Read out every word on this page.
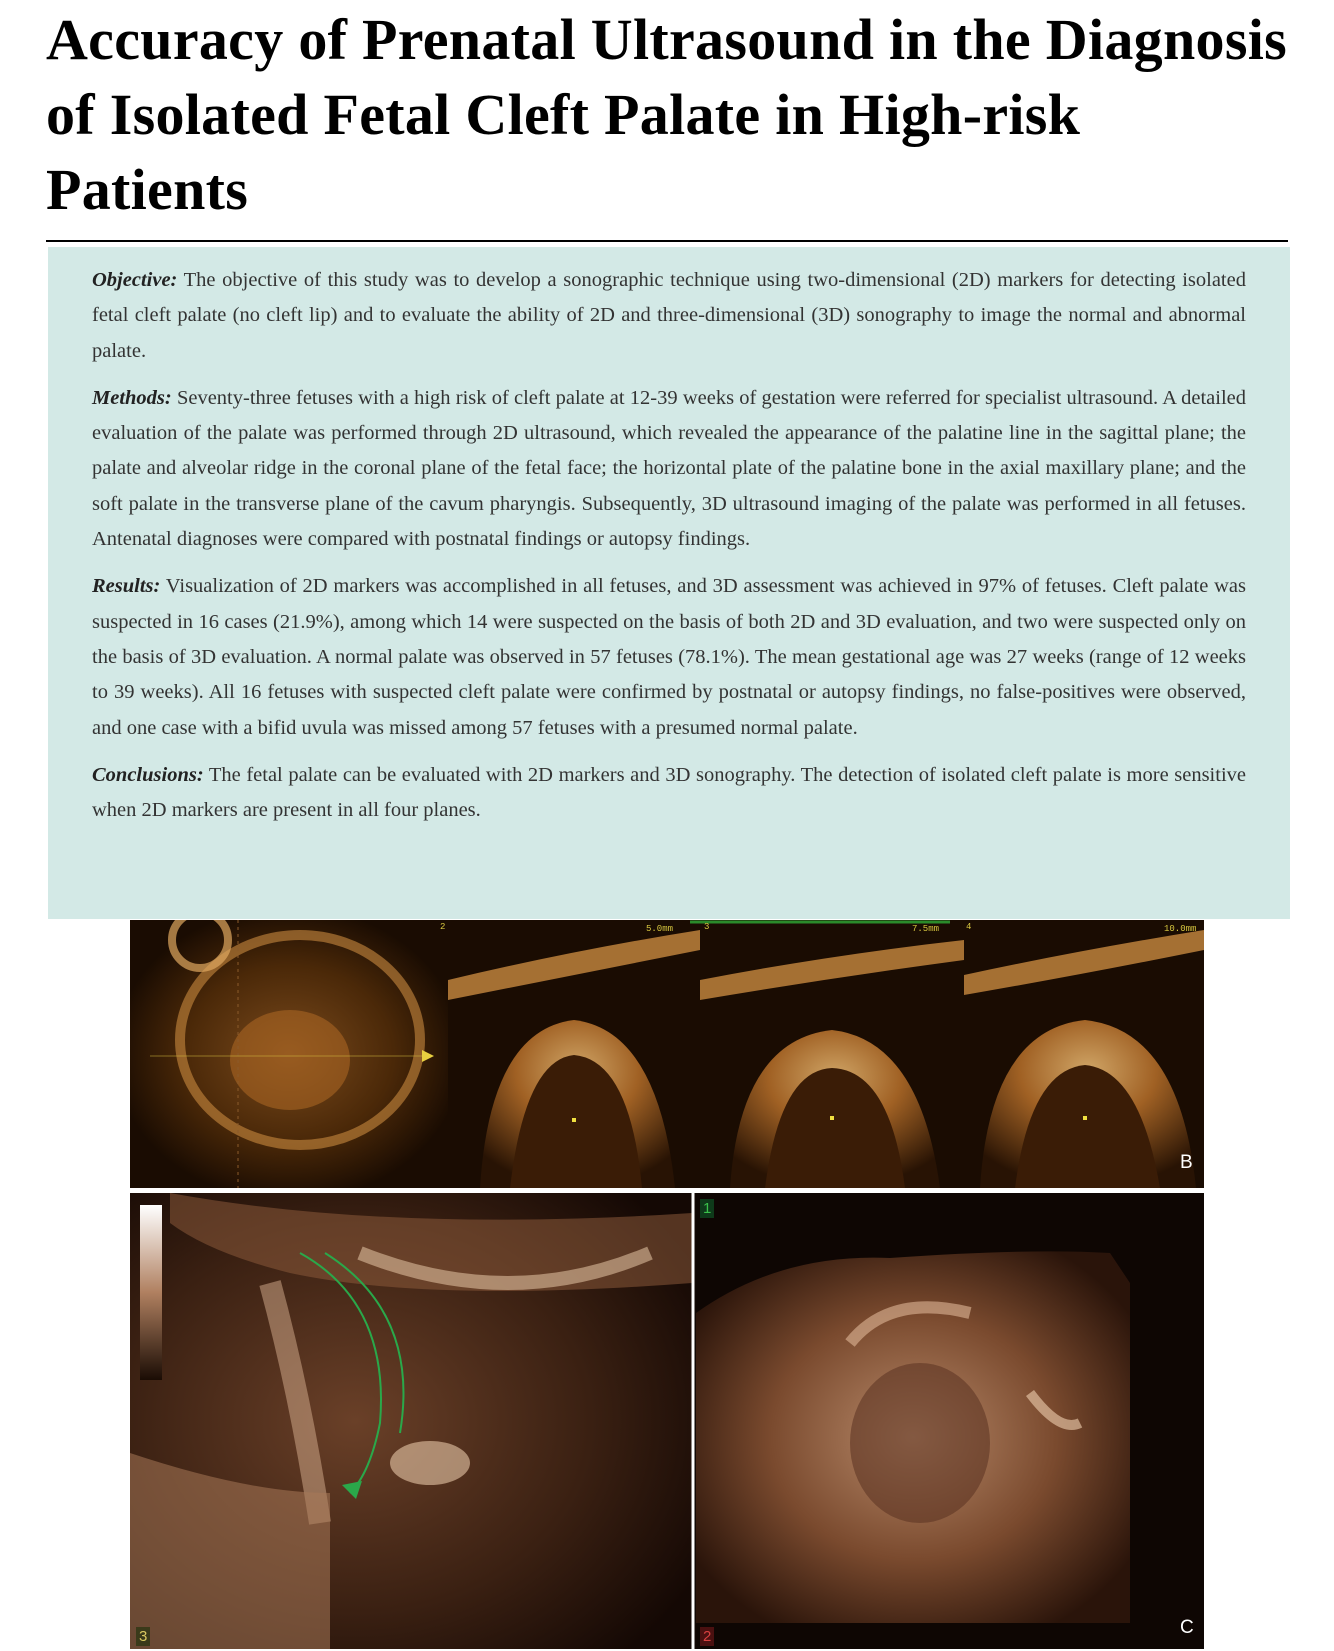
Accuracy of Prenatal Ultrasound in the Diagnosis of Isolated Fetal Cleft Palate in High-risk Patients

Objective: The objective of this study was to develop a sonographic technique using two-dimensional (2D) markers for detecting isolated fetal cleft palate (no cleft lip) and to evaluate the ability of 2D and three-dimensional (3D) sonography to image the normal and abnormal palate.

Methods: Seventy-three fetuses with a high risk of cleft palate at 12-39 weeks of gestation were referred for specialist ultrasound. A detailed evaluation of the palate was performed through 2D ultrasound, which revealed the appearance of the palatine line in the sagittal plane; the palate and alveolar ridge in the coronal plane of the fetal face; the horizontal plate of the palatine bone in the axial maxillary plane; and the soft palate in the transverse plane of the cavum pharyngis. Subsequently, 3D ultrasound imaging of the palate was performed in all fetuses. Antenatal diagnoses were compared with postnatal findings or autopsy findings.

Results: Visualization of 2D markers was accomplished in all fetuses, and 3D assessment was achieved in 97% of fetuses. Cleft palate was suspected in 16 cases (21.9%), among which 14 were suspected on the basis of both 2D and 3D evaluation, and two were suspected only on the basis of 3D evaluation. A normal palate was observed in 57 fetuses (78.1%). The mean gestational age was 27 weeks (range of 12 weeks to 39 weeks). All 16 fetuses with suspected cleft palate were confirmed by postnatal or autopsy findings, no false-positives were observed, and one case with a bifid uvula was missed among 57 fetuses with a presumed normal palate.

Conclusions: The fetal palate can be evaluated with 2D markers and 3D sonography. The detection of isolated cleft palate is more sensitive when 2D markers are present in all four planes.

2	5.0mm	3	7.5mm	4	10.0mm
B
1
3	2	C
